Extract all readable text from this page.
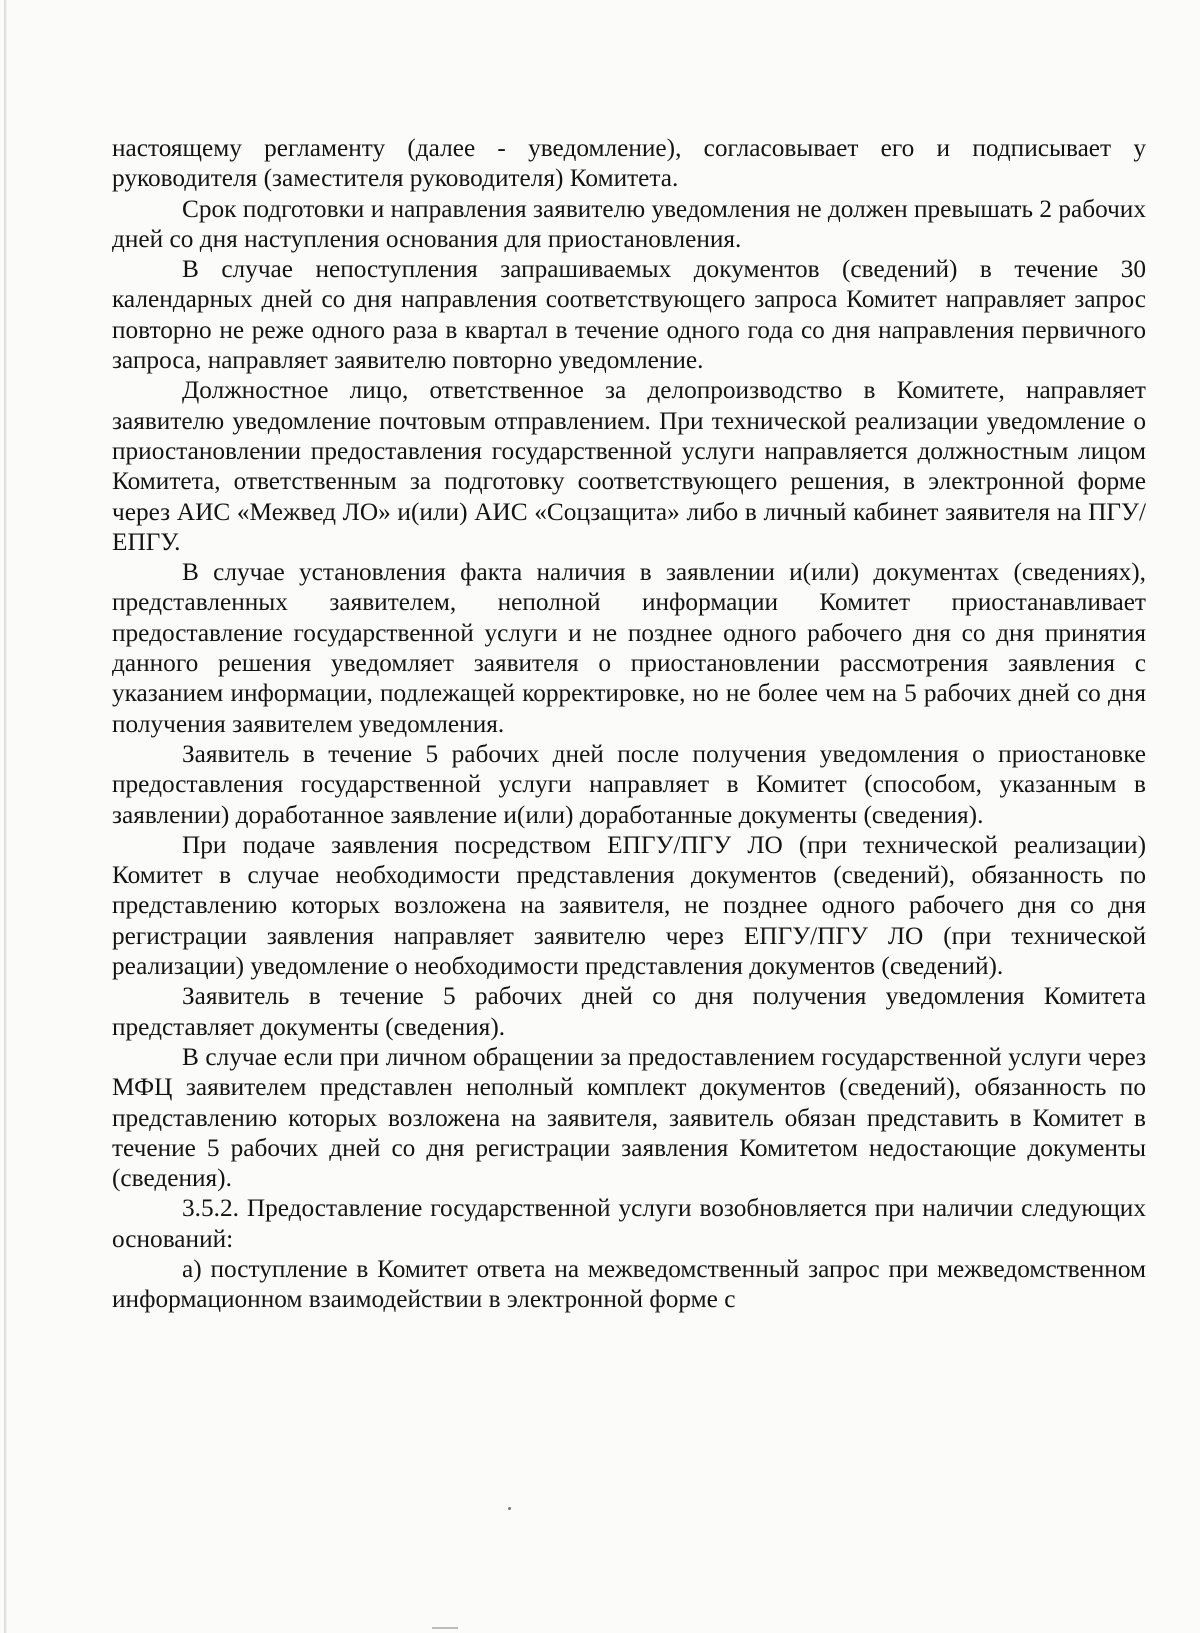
настоящему регламенту (далее - уведомление), согласовывает его и подписывает у руководителя (заместителя руководителя) Комитета.

Срок подготовки и направления заявителю уведомления не должен превышать 2 рабочих дней со дня наступления основания для приостановления.

В случае непоступления запрашиваемых документов (сведений) в течение 30 календарных дней со дня направления соответствующего запроса Комитет направляет запрос повторно не реже одного раза в квартал в течение одного года со дня направления первичного запроса, направляет заявителю повторно уведомление.

Должностное лицо, ответственное за делопроизводство в Комитете, направляет заявителю уведомление почтовым отправлением. При технической реализации уведомление о приостановлении предоставления государственной услуги направляется должностным лицом Комитета, ответственным за подготовку соответствующего решения, в электронной форме через АИС «Межвед ЛО» и(или) АИС «Соцзащита» либо в личный кабинет заявителя на ПГУ/ЕПГУ.

В случае установления факта наличия в заявлении и(или) документах (сведениях), представленных заявителем, неполной информации Комитет приостанавливает предоставление государственной услуги и не позднее одного рабочего дня со дня принятия данного решения уведомляет заявителя о приостановлении рассмотрения заявления с указанием информации, подлежащей корректировке, но не более чем на 5 рабочих дней со дня получения заявителем уведомления.

Заявитель в течение 5 рабочих дней после получения уведомления о приостановке предоставления государственной услуги направляет в Комитет (способом, указанным в заявлении) доработанное заявление и(или) доработанные документы (сведения).

При подаче заявления посредством ЕПГУ/ПГУ ЛО (при технической реализации) Комитет в случае необходимости представления документов (сведений), обязанность по представлению которых возложена на заявителя, не позднее одного рабочего дня со дня регистрации заявления направляет заявителю через ЕПГУ/ПГУ ЛО (при технической реализации) уведомление о необходимости представления документов (сведений).

Заявитель в течение 5 рабочих дней со дня получения уведомления Комитета представляет документы (сведения).

В случае если при личном обращении за предоставлением государственной услуги через МФЦ заявителем представлен неполный комплект документов (сведений), обязанность по представлению которых возложена на заявителя, заявитель обязан представить в Комитет в течение 5 рабочих дней со дня регистрации заявления Комитетом недостающие документы (сведения).

3.5.2. Предоставление государственной услуги возобновляется при наличии следующих оснований:

а) поступление в Комитет ответа на межведомственный запрос при межведомственном информационном взаимодействии в электронной форме с
